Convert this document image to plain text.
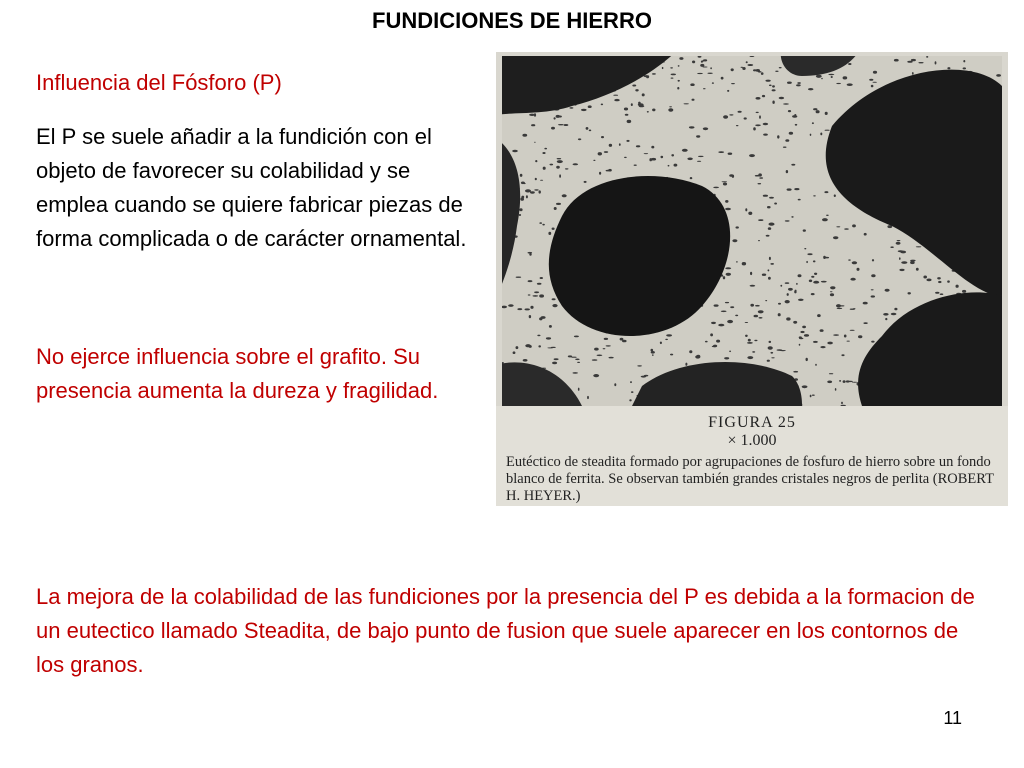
FUNDICIONES DE HIERRO
Influencia del Fósforo (P)
El P se suele añadir a la fundición con el objeto de favorecer su colabilidad y se emplea cuando se quiere fabricar piezas de forma complicada o de carácter ornamental.
No ejerce influencia sobre el grafito. Su presencia aumenta la dureza y fragilidad.
FIGURA 25
× 1.000
Eutéctico de steadita formado por agrupaciones de fosfuro de hierro sobre un fondo blanco de ferrita. Se observan también grandes cristales negros de perlita (ROBERT H. HEYER.)
La mejora de la colabilidad de las fundiciones por la presencia del P es debida a la formacion de un eutectico llamado Steadita, de bajo punto de fusion que suele aparecer en los contornos de los granos.
11
